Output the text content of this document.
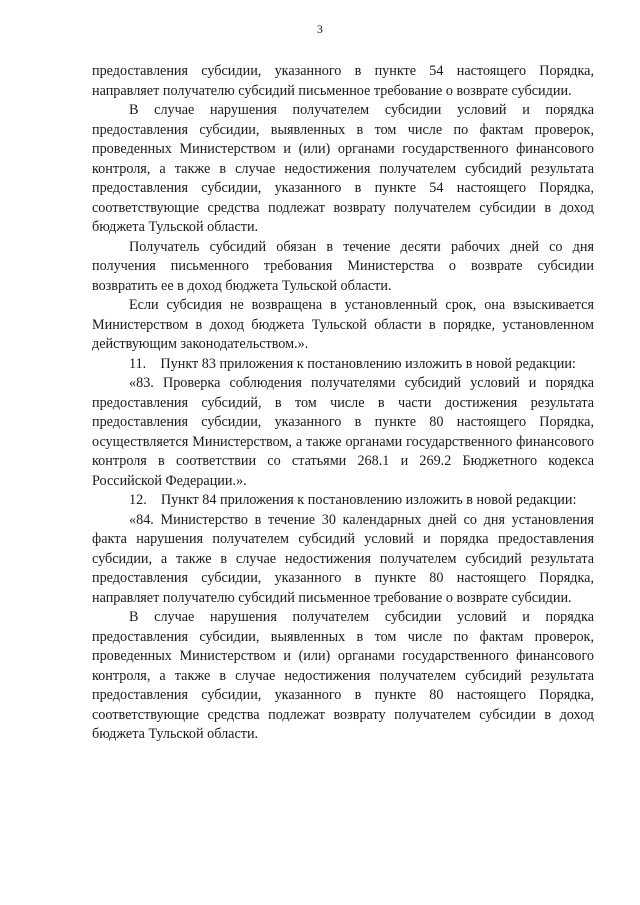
3

предоставления субсидии, указанного в пункте 54 настоящего Порядка, направляет получателю субсидий письменное требование о возврате субсидии.

В случае нарушения получателем субсидии условий и порядка предоставления субсидии, выявленных в том числе по фактам проверок, проведенных Министерством и (или) органами государственного финансового контроля, а также в случае недостижения получателем субсидий результата предоставления субсидии, указанного в пункте 54 настоящего Порядка, соответствующие средства подлежат возврату получателем субсидии в доход бюджета Тульской области.

Получатель субсидий обязан в течение десяти рабочих дней со дня получения письменного требования Министерства о возврате субсидии возвратить ее в доход бюджета Тульской области.

Если субсидия не возвращена в установленный срок, она взыскивается Министерством в доход бюджета Тульской области в порядке, установленном действующим законодательством.».

11. Пункт 83 приложения к постановлению изложить в новой редакции:

«83. Проверка соблюдения получателями субсидий условий и порядка предоставления субсидий, в том числе в части достижения результата предоставления субсидии, указанного в пункте 80 настоящего Порядка, осуществляется Министерством, а также органами государственного финансового контроля в соответствии со статьями 268.1 и 269.2 Бюджетного кодекса Российской Федерации.».

12. Пункт 84 приложения к постановлению изложить в новой редакции:

«84. Министерство в течение 30 календарных дней со дня установления факта нарушения получателем субсидий условий и порядка предоставления субсидии, а также в случае недостижения получателем субсидий результата предоставления субсидии, указанного в пункте 80 настоящего Порядка, направляет получателю субсидий письменное требование о возврате субсидии.

В случае нарушения получателем субсидии условий и порядка предоставления субсидии, выявленных в том числе по фактам проверок, проведенных Министерством и (или) органами государственного финансового контроля, а также в случае недостижения получателем субсидий результата предоставления субсидии, указанного в пункте 80 настоящего Порядка, соответствующие средства подлежат возврату получателем субсидии в доход бюджета Тульской области.
